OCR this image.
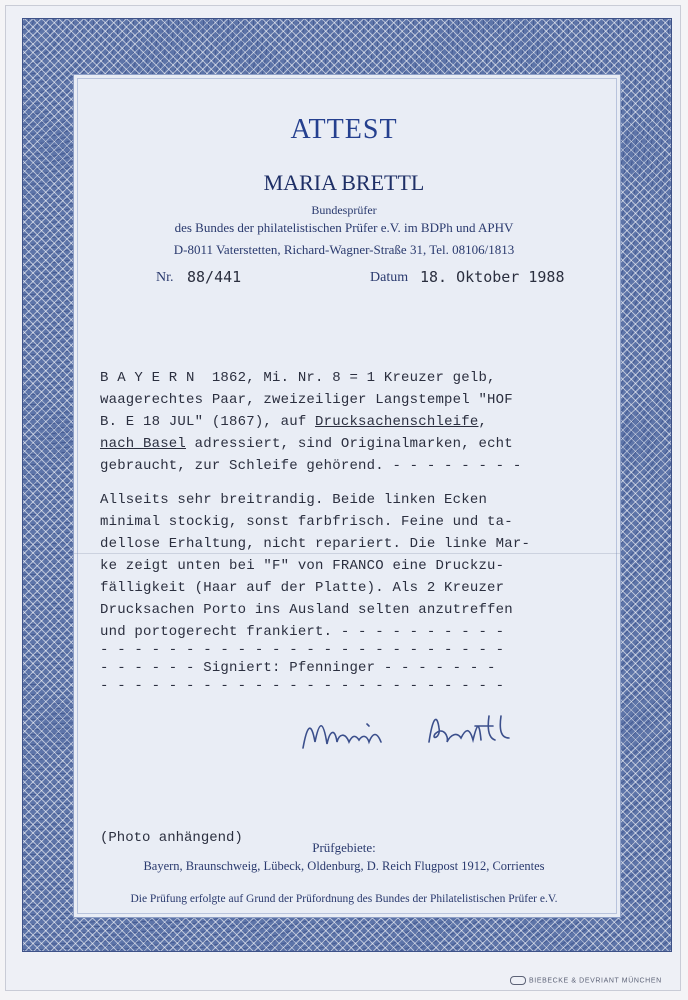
ATTEST
MARIA BRETTL
Bundesprüfer
des Bundes der philatelistischen Prüfer e.V. im BDPh und APHV
D-8011 Vaterstetten, Richard-Wagner-Straße 31, Tel. 08106/1813
Nr. 88/441	Datum 18. Oktober 1988
B A Y E R N  1862, Mi. Nr. 8 = 1 Kreuzer gelb,
waagerechtes Paar, zweizeiliger Langstempel "HOF
B. E 18 JUL" (1867), auf Drucksachenschleife,
nach Basel adressiert, sind Originalmarken, echt
gebraucht, zur Schleife gehörend. - - - - - - - -
Allseits sehr breitrandig. Beide linken Ecken
minimal stockig, sonst farbfrisch. Feine und ta-
dellose Erhaltung, nicht repariert. Die linke Mar-
ke zeigt unten bei "F" von FRANCO eine Druckzu-
fälligkeit (Haar auf der Platte). Als 2 Kreuzer
Drucksachen Porto ins Ausland selten anzutreffen
und portogerecht frankiert. - - - - - - - - - -
- - - - - - - - - - - - - - - - - - - - - - - -
- - - - - - Signiert: Pfenninger - - - - - - -
- - - - - - - - - - - - - - - - - - - - - - - -
(Photo anhängend)
Prüfgebiete:
Bayern, Braunschweig, Lübeck, Oldenburg, D. Reich Flugpost 1912, Corrientes
Die Prüfung erfolgte auf Grund der Prüfordnung des Bundes der Philatelistischen Prüfer e.V.
BIEBECKE & DEVRIANT MÜNCHEN
